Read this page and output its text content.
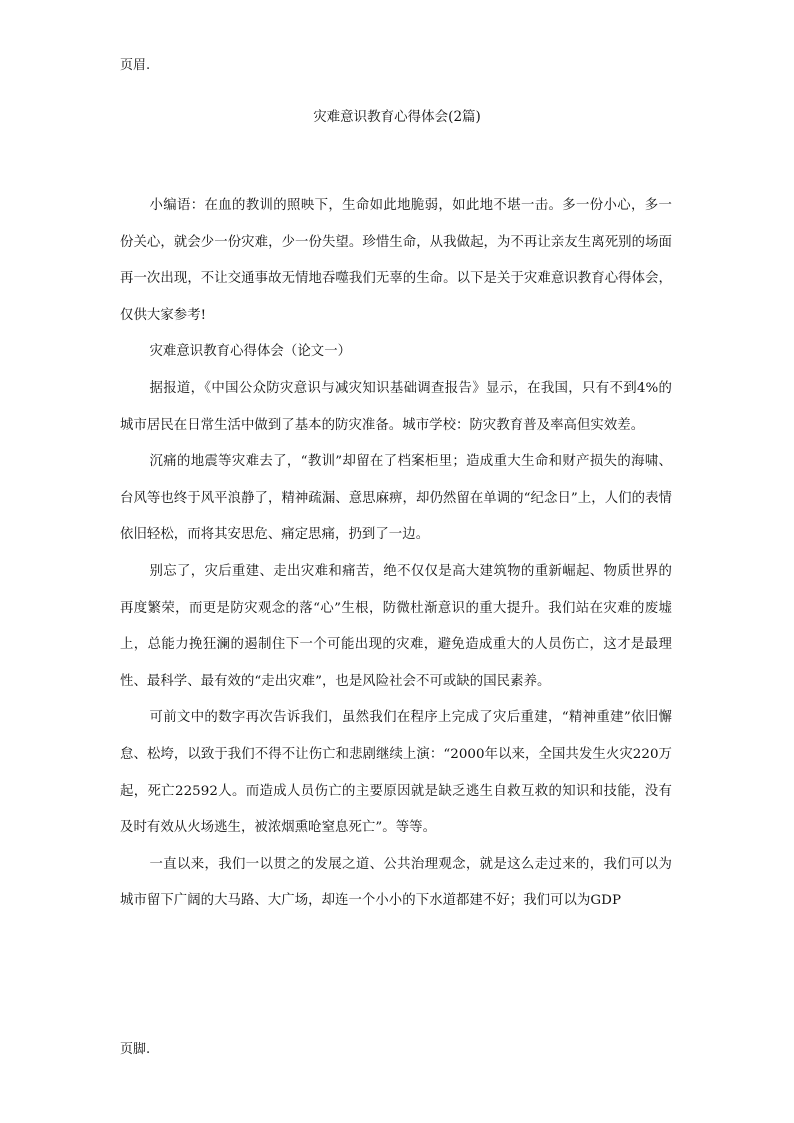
页眉.
灾难意识教育心得体会(2篇)

小编语：在血的教训的照映下，生命如此地脆弱，如此地不堪一击。多一份小心，多一份关心，就会少一份灾难，少一份失望。珍惜生命，从我做起，为不再让亲友生离死别的场面再一次出现，不让交通事故无情地吞噬我们无辜的生命。以下是关于灾难意识教育心得体会，仅供大家参考!

灾难意识教育心得体会（论文一）

据报道，《中国公众防灾意识与减灾知识基础调查报告》显示，在我国，只有不到4%的城市居民在日常生活中做到了基本的防灾准备。城市学校：防灾教育普及率高但实效差。

沉痛的地震等灾难去了，“教训”却留在了档案柜里；造成重大生命和财产损失的海啸、台风等也终于风平浪静了，精神疏漏、意思麻痹，却仍然留在单调的“纪念日”上，人们的表情依旧轻松，而将其安思危、痛定思痛，扔到了一边。

别忘了，灾后重建、走出灾难和痛苦，绝不仅仅是高大建筑物的重新崛起、物质世界的再度繁荣，而更是防灾观念的落“心”生根，防微杜渐意识的重大提升。我们站在灾难的废墟上，总能力挽狂澜的遏制住下一个可能出现的灾难，避免造成重大的人员伤亡，这才是最理性、最科学、最有效的“走出灾难”，也是风险社会不可或缺的国民素养。

可前文中的数字再次告诉我们，虽然我们在程序上完成了灾后重建，“精神重建”依旧懈怠、松垮，以致于我们不得不让伤亡和悲剧继续上演：“2000年以来，全国共发生火灾220万起，死亡22592人。而造成人员伤亡的主要原因就是缺乏逃生自救互救的知识和技能，没有及时有效从火场逃生，被浓烟熏呛窒息死亡”。等等。

一直以来，我们一以贯之的发展之道、公共治理观念，就是这么走过来的，我们可以为城市留下广阔的大马路、大广场，却连一个小小的下水道都建不好；我们可以为GDP

页脚.
